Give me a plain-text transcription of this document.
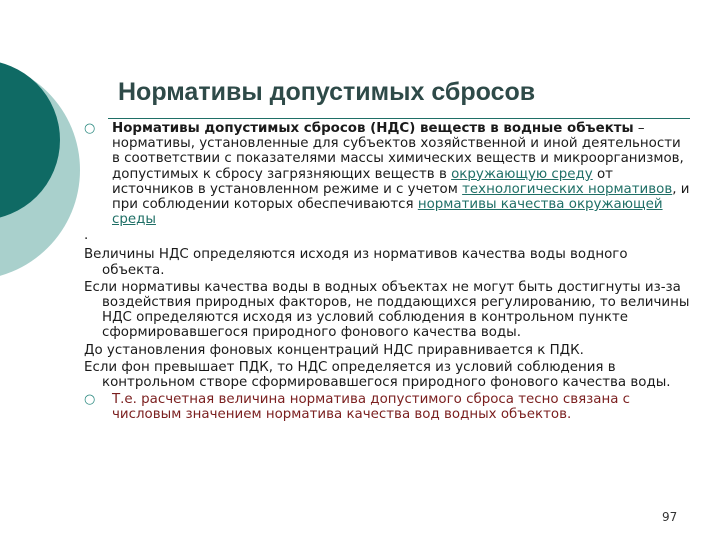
Нормативы допустимых сбросов
○ Нормативы допустимых сбросов (НДС) веществ в водные объекты – нормативы, установленные для субъектов хозяйственной и иной деятельности в соответствии с показателями массы химических веществ и микроорганизмов, допустимых к сбросу загрязняющих веществ в окружающую среду от источников в установленном режиме и с учетом технологических нормативов, и при соблюдении которых обеспечиваются нормативы качества окружающей среды
.
Величины НДС определяются исходя из нормативов качества воды водного объекта.
Если нормативы качества воды в водных объектах не могут быть достигнуты из-за воздействия природных факторов, не поддающихся регулированию, то величины НДС определяются исходя из условий соблюдения в контрольном пункте сформировавшегося природного фонового качества воды.
До установления фоновых концентраций НДС приравнивается к ПДК.
Если фон превышает ПДК, то НДС определяется из условий соблюдения в контрольном створе сформировавшегося природного фонового качества воды.
○ Т.е. расчетная величина норматива допустимого сброса тесно связана с числовым значением норматива качества вод водных объектов.
97
